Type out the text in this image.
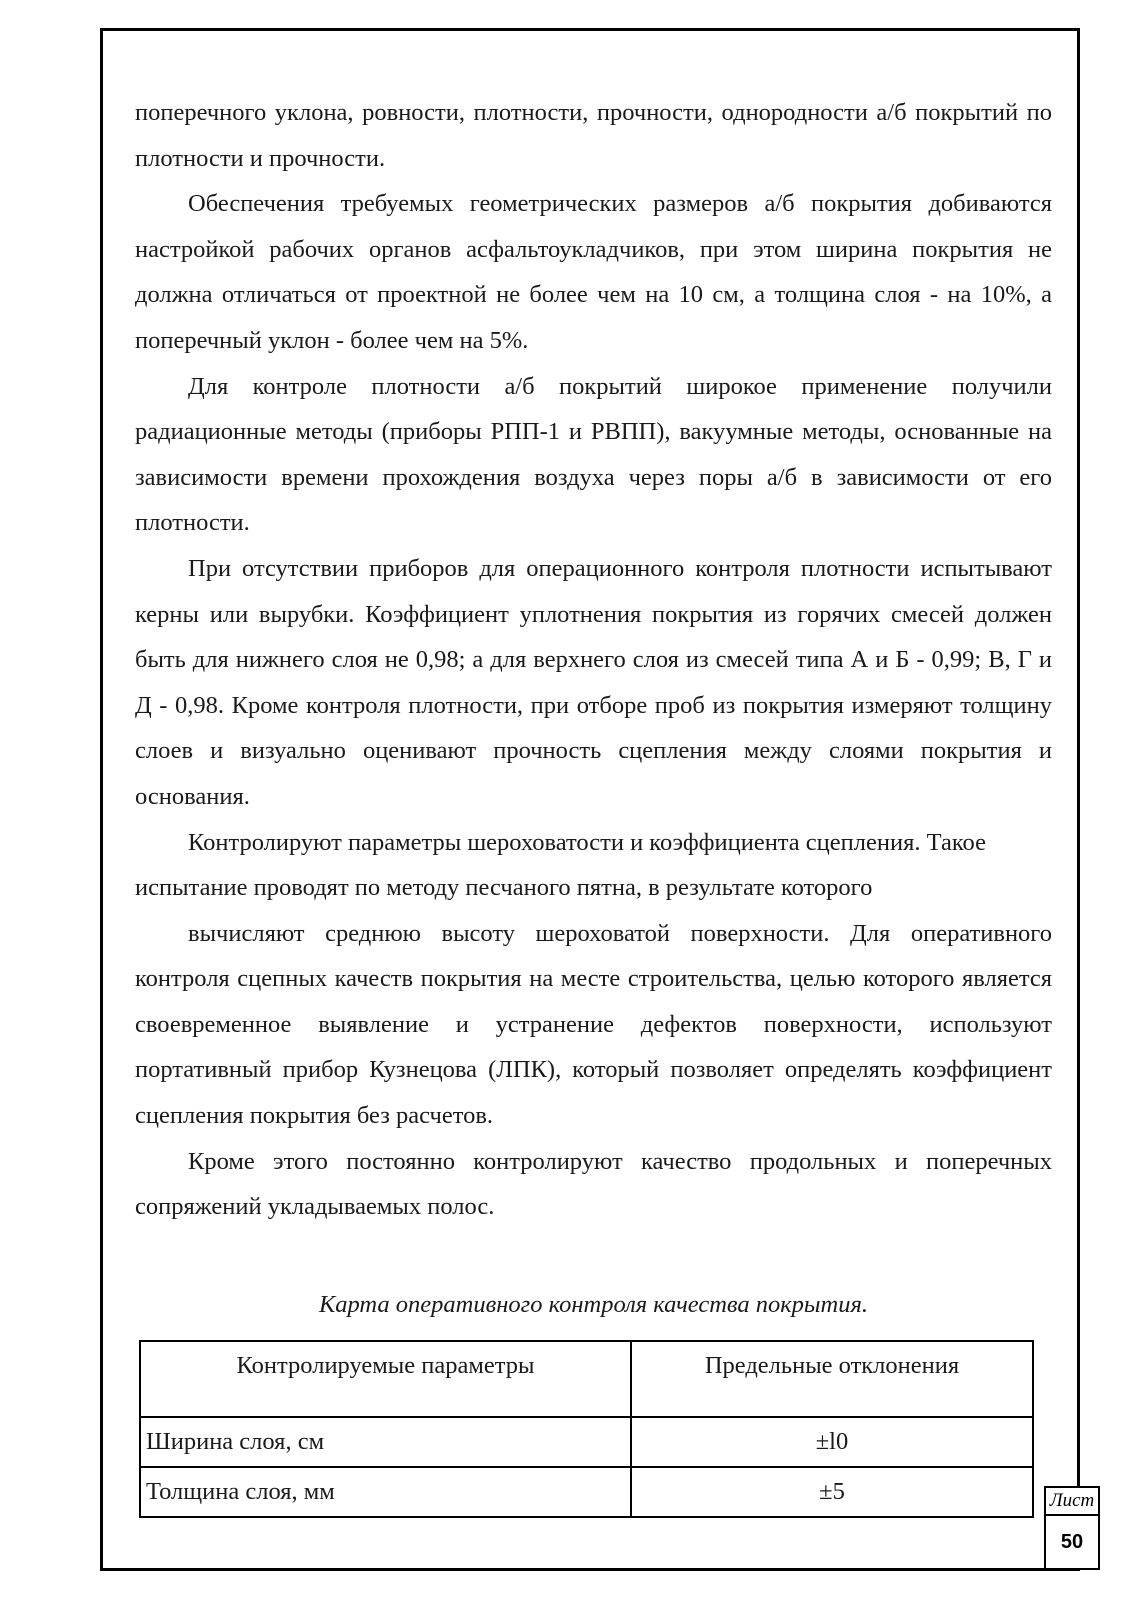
поперечного уклона, ровности, плотности, прочности, однородности а/б покрытий по плотности и прочности.

Обеспечения требуемых геометрических размеров а/б покрытия добиваются настройкой рабочих органов асфальтоукладчиков, при этом ширина покрытия не должна отличаться от проектной не более чем на 10 см, а толщина слоя - на 10%, а поперечный уклон - более чем на 5%.

Для контроле плотности а/б покрытий широкое применение получили радиационные методы (приборы РПП-1 и РВПП), вакуумные методы, основанные на зависимости времени прохождения воздуха через поры а/б в зависимости от его плотности.

При отсутствии приборов для операционного контроля плотности испытывают керны или вырубки. Коэффициент уплотнения покрытия из горячих смесей должен быть для нижнего слоя не 0,98; а для верхнего слоя из смесей типа А и Б - 0,99; В, Г и Д - 0,98. Кроме контроля плотности, при отборе проб из покрытия измеряют толщину слоев и визуально оценивают прочность сцепления между слоями покрытия и основания.

Контролируют параметры шероховатости и коэффициента сцепления. Такое испытание проводят по методу песчаного пятна, в результате которого

вычисляют среднюю высоту шероховатой поверхности. Для оперативного контроля сцепных качеств покрытия на месте строительства, целью которого является своевременное выявление и устранение дефектов поверхности, используют портативный прибор Кузнецова (ЛПК), который позволяет определять коэффициент сцепления покрытия без расчетов.

Кроме этого постоянно контролируют качество продольных и поперечных сопряжений укладываемых полос.

Карта оперативного контроля качества покрытия.
Контролируемые параметры	Предельные отклонения
Ширина слоя, см	±l0
Толщина слоя, мм	±5	Лист
50
